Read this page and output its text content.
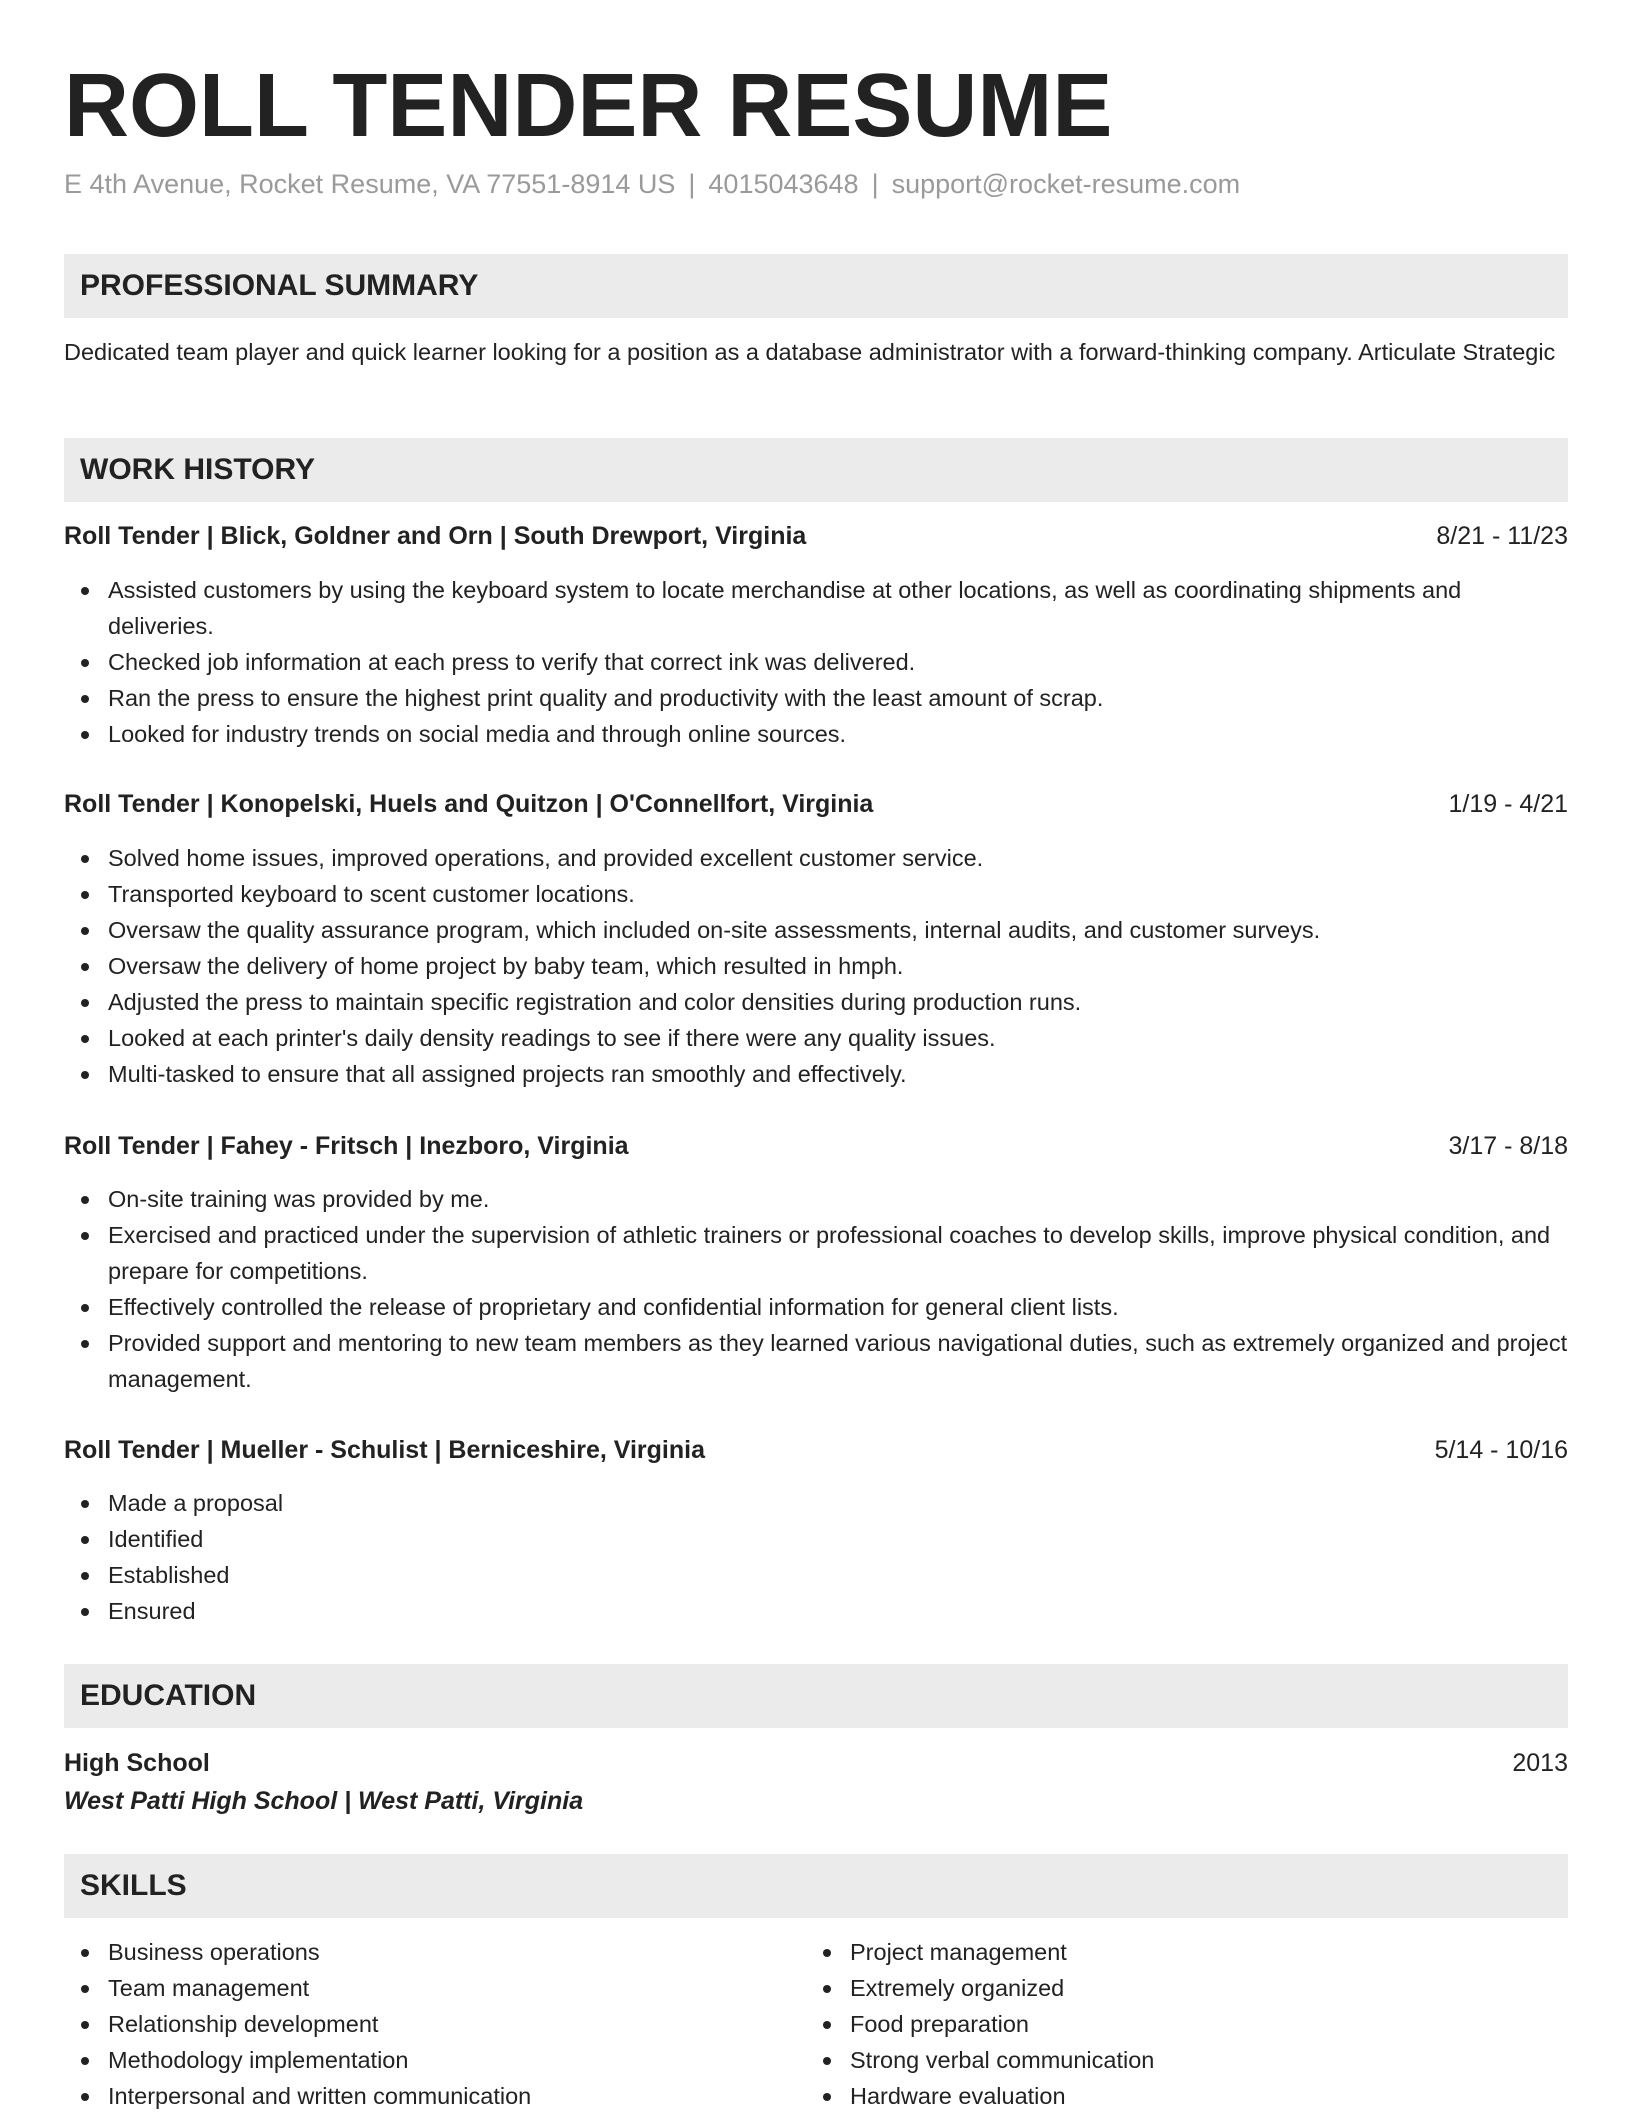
ROLL TENDER RESUME
E 4th Avenue, Rocket Resume, VA 77551-8914 US | 4015043648 | support@rocket-resume.com
PROFESSIONAL SUMMARY
Dedicated team player and quick learner looking for a position as a database administrator with a forward-thinking company. Articulate Strategic
WORK HISTORY
Roll Tender | Blick, Goldner and Orn | South Drewport, Virginia	8/21 - 11/23
Assisted customers by using the keyboard system to locate merchandise at other locations, as well as coordinating shipments and deliveries.
Checked job information at each press to verify that correct ink was delivered.
Ran the press to ensure the highest print quality and productivity with the least amount of scrap.
Looked for industry trends on social media and through online sources.
Roll Tender | Konopelski, Huels and Quitzon | O'Connellfort, Virginia	1/19 - 4/21
Solved home issues, improved operations, and provided excellent customer service.
Transported keyboard to scent customer locations.
Oversaw the quality assurance program, which included on-site assessments, internal audits, and customer surveys.
Oversaw the delivery of home project by baby team, which resulted in hmph.
Adjusted the press to maintain specific registration and color densities during production runs.
Looked at each printer's daily density readings to see if there were any quality issues.
Multi-tasked to ensure that all assigned projects ran smoothly and effectively.
Roll Tender | Fahey - Fritsch | Inezboro, Virginia	3/17 - 8/18
On-site training was provided by me.
Exercised and practiced under the supervision of athletic trainers or professional coaches to develop skills, improve physical condition, and prepare for competitions.
Effectively controlled the release of proprietary and confidential information for general client lists.
Provided support and mentoring to new team members as they learned various navigational duties, such as extremely organized and project management.
Roll Tender | Mueller - Schulist | Berniceshire, Virginia	5/14 - 10/16
Made a proposal
Identified
Established
Ensured
EDUCATION
High School	2013
West Patti High School | West Patti, Virginia
SKILLS
Business operations
Team management
Relationship development
Methodology implementation
Interpersonal and written communication
Project management
Extremely organized
Food preparation
Strong verbal communication
Hardware evaluation
